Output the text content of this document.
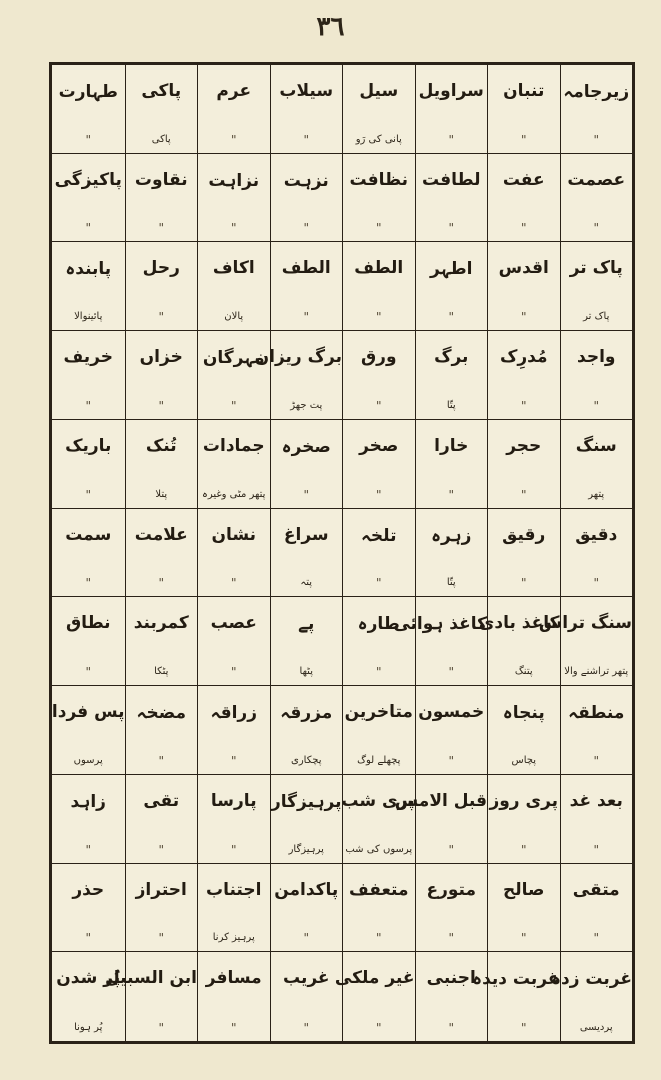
٣٦
زیرجامہ
"
تنبان
"
سراویل
"
سیل
پانی کی رَو
سیلاب
"
عرم
"
پاکی
پاکی
طہارت
"
عصمت
"
عفت
"
لطافت
"
نظافت
"
نزہت
"
نزاہت
"
نقاوت
"
پاکیزگی
"
پاک تر
پاک تر
اقدس
"
اطہر
"
الطف
"
الطف
"
اکاف
پالان
رحل
"
پابندہ
پائینوالا
واجد
"
مُدرِک
"
برگ
پتّا
ورق
"
برگ ریزان
پت جھڑ
مہرگان
"
خزاں
"
خریف
"
سنگ
پتھر
حجر
"
خارا
"
صخر
"
صخرہ
"
جمادات
پتھر مٹی وغیرہ
تُنک
پتلا
باریک
"
دقیق
"
رقیق
"
زہرہ
پتّا
تلخہ
"
سراغ
پتہ
نشان
"
علامت
"
سمت
"
سنگ تراش
پتھر تراشنے والا
کاغذ بادی
پتنگ
کاغذ ہوائی
"
طارہ
"
پے
پٹھا
عصب
"
کمربند
پٹکا
نطاق
"
منطقہ
"
پنجاہ
پچاس
خمسون
"
متاخرین
پچھلے لوگ
مزرقہ
پچکاری
زراقہ
"
مضخہ
"
پس فردا
پرسوں
بعد غد
"
پری روز
"
قبل الامس
"
پری شب
پرسوں کی شب
پرہیزگار
پرہیزگار
پارسا
"
تقی
"
زاہد
"
متقی
"
صالح
"
متورع
"
متعفف
"
پاکدامن
"
اجتناب
پرہیز کرنا
احتراز
"
حذر
"
غربت زدہ
پردیسی
غربت دیدہ
"
اجنبی
"
غیر ملکی
"
غریب
"
مسافر
"
ابن السبیل
"
پُر شدن
پُر ہونا
